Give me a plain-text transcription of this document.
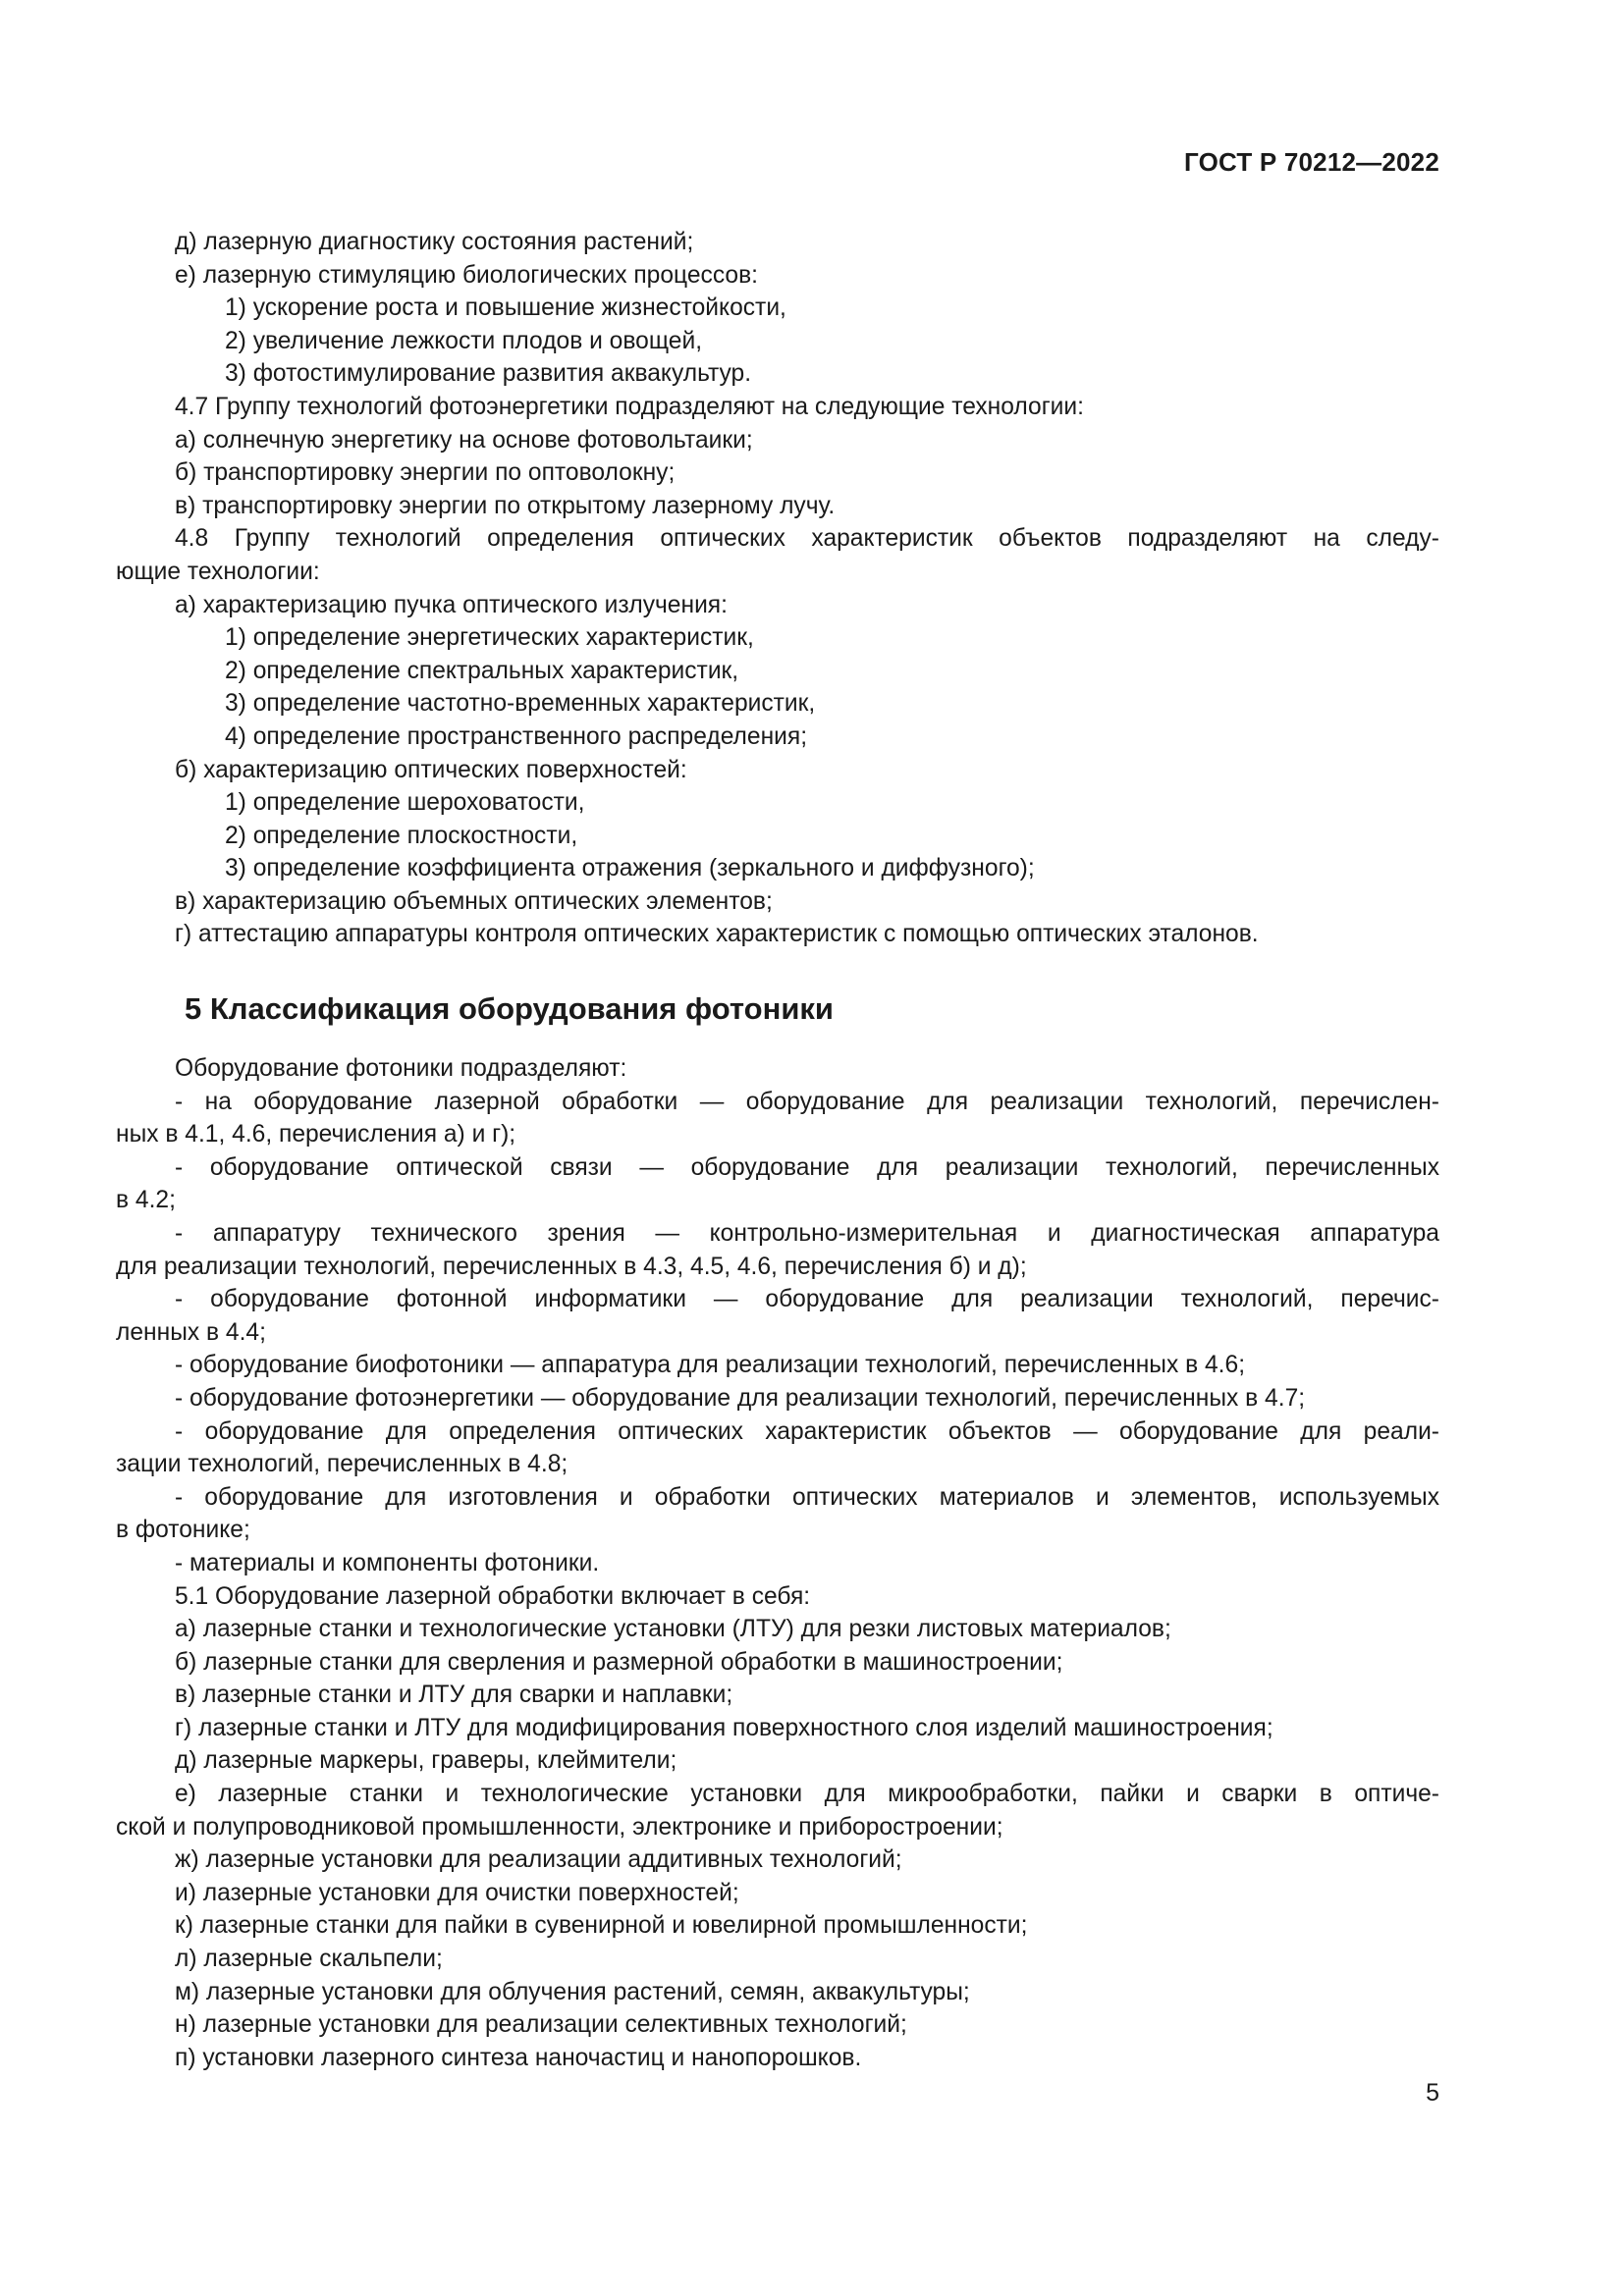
ГОСТ Р 70212—2022
д) лазерную диагностику состояния растений;
е) лазерную стимуляцию биологических процессов:
1) ускорение роста и повышение жизнестойкости,
2) увеличение лежкости плодов и овощей,
3) фотостимулирование развития аквакультур.
4.7 Группу технологий фотоэнергетики подразделяют на следующие технологии:
а) солнечную энергетику на основе фотовольтаики;
б) транспортировку энергии по оптоволокну;
в) транспортировку энергии по открытому лазерному лучу.
4.8 Группу технологий определения оптических характеристик объектов подразделяют на следу-
ющие технологии:
а) характеризацию пучка оптического излучения:
1) определение энергетических характеристик,
2) определение спектральных характеристик,
3) определение частотно-временных характеристик,
4) определение пространственного распределения;
б) характеризацию оптических поверхностей:
1) определение шероховатости,
2) определение плоскостности,
3) определение коэффициента отражения (зеркального и диффузного);
в) характеризацию объемных оптических элементов;
г) аттестацию аппаратуры контроля оптических характеристик с помощью оптических эталонов.
5 Классификация оборудования фотоники
Оборудование фотоники подразделяют:
- на оборудование лазерной обработки — оборудование для реализации технологий, перечислен-
ных в 4.1, 4.6, перечисления а) и г);
- оборудование оптической связи — оборудование для реализации технологий, перечисленных
в 4.2;
- аппаратуру технического зрения — контрольно-измерительная и диагностическая аппаратура
для реализации технологий, перечисленных в 4.3, 4.5, 4.6, перечисления б) и д);
- оборудование фотонной информатики — оборудование для реализации технологий, перечис-
ленных в 4.4;
- оборудование биофотоники — аппаратура для реализации технологий, перечисленных в 4.6;
- оборудование фотоэнергетики — оборудование для реализации технологий, перечисленных в 4.7;
- оборудование для определения оптических характеристик объектов — оборудование для реали-
зации технологий, перечисленных в 4.8;
- оборудование для изготовления и обработки оптических материалов и элементов, используемых
в фотонике;
- материалы и компоненты фотоники.
5.1 Оборудование лазерной обработки включает в себя:
а) лазерные станки и технологические установки (ЛТУ) для резки листовых материалов;
б) лазерные станки для сверления и размерной обработки в машиностроении;
в) лазерные станки и ЛТУ для сварки и наплавки;
г) лазерные станки и ЛТУ для модифицирования поверхностного слоя изделий машиностроения;
д) лазерные маркеры, граверы, клеймители;
е) лазерные станки и технологические установки для микрообработки, пайки и сварки в оптиче-
ской и полупроводниковой промышленности, электронике и приборостроении;
ж) лазерные установки для реализации аддитивных технологий;
и) лазерные установки для очистки поверхностей;
к) лазерные станки для пайки в сувенирной и ювелирной промышленности;
л) лазерные скальпели;
м) лазерные установки для облучения растений, семян, аквакультуры;
н) лазерные установки для реализации селективных технологий;
п) установки лазерного синтеза наночастиц и нанопорошков.
5
